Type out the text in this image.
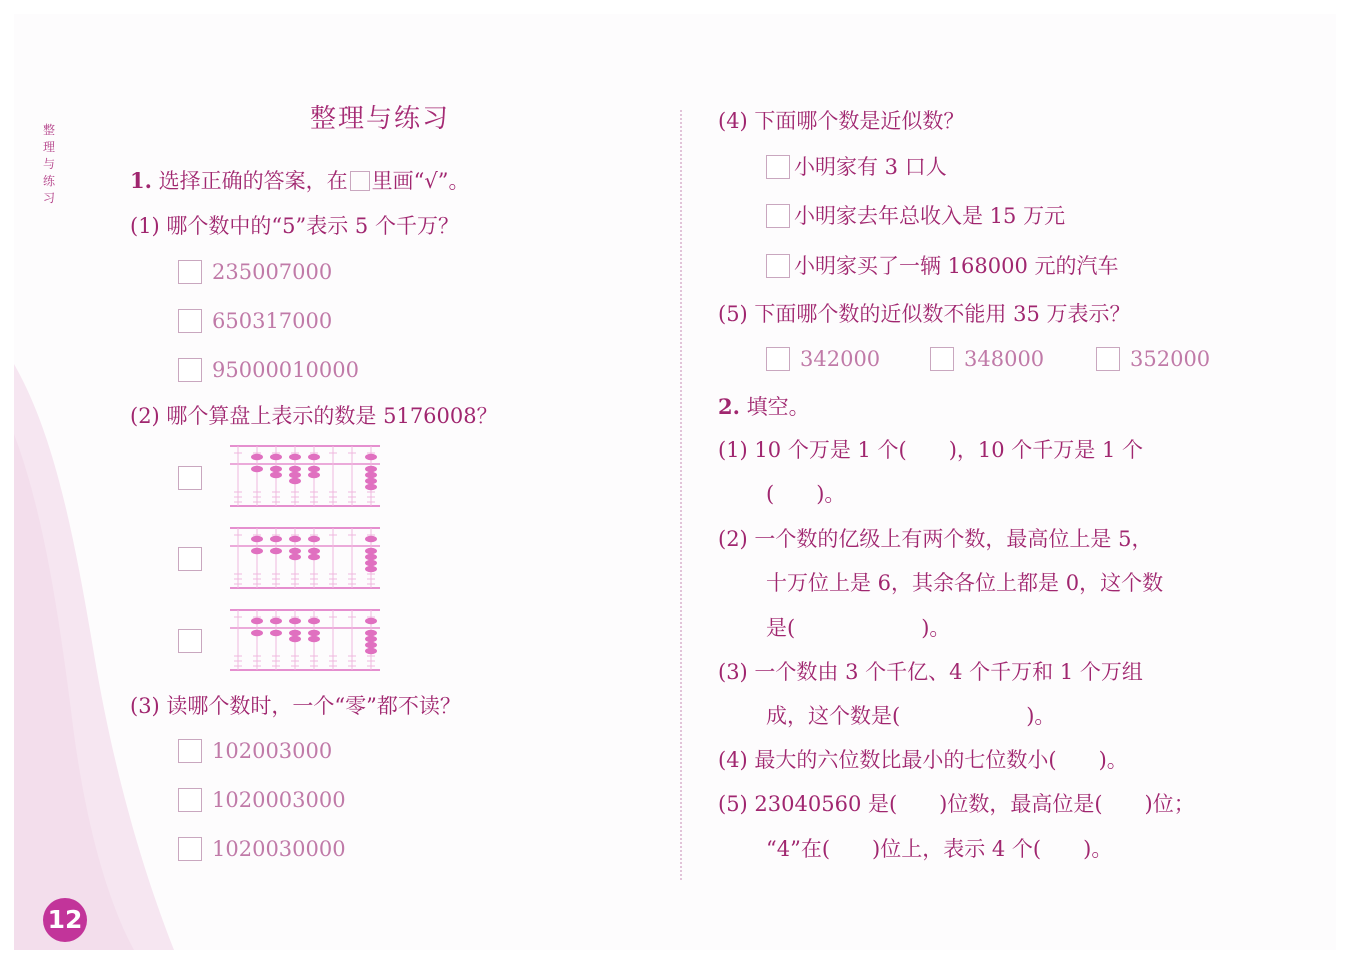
整理与练习
12
整理与练习
1. 选择正确的答案，在 里画“√”。
(1) 哪个数中的“5”表示 5 个千万？
235007000
650317000
95000010000
(2) 哪个算盘上表示的数是 5176008？
(3) 读哪个数时，一个“零”都不读？
102003000
1020003000
1020030000
(4) 下面哪个数是近似数？
小明家有 3 口人
小明家去年总收入是 15 万元
小明家买了一辆 168000 元的汽车
(5) 下面哪个数的近似数不能用 35 万表示？
342000	348000	352000
2. 填空。
(1) 10 个万是 1 个(　　)，10 个千万是 1 个
(　　)。
(2) 一个数的亿级上有两个数，最高位上是 5，
十万位上是 6，其余各位上都是 0，这个数
是(　　　　　　)。
(3) 一个数由 3 个千亿、4 个千万和 1 个万组
成，这个数是(　　　　　　)。
(4) 最大的六位数比最小的七位数小(　　)。
(5) 23040560 是(　　)位数，最高位是(　　)位；
“4”在(　　)位上，表示 4 个(　　)。
